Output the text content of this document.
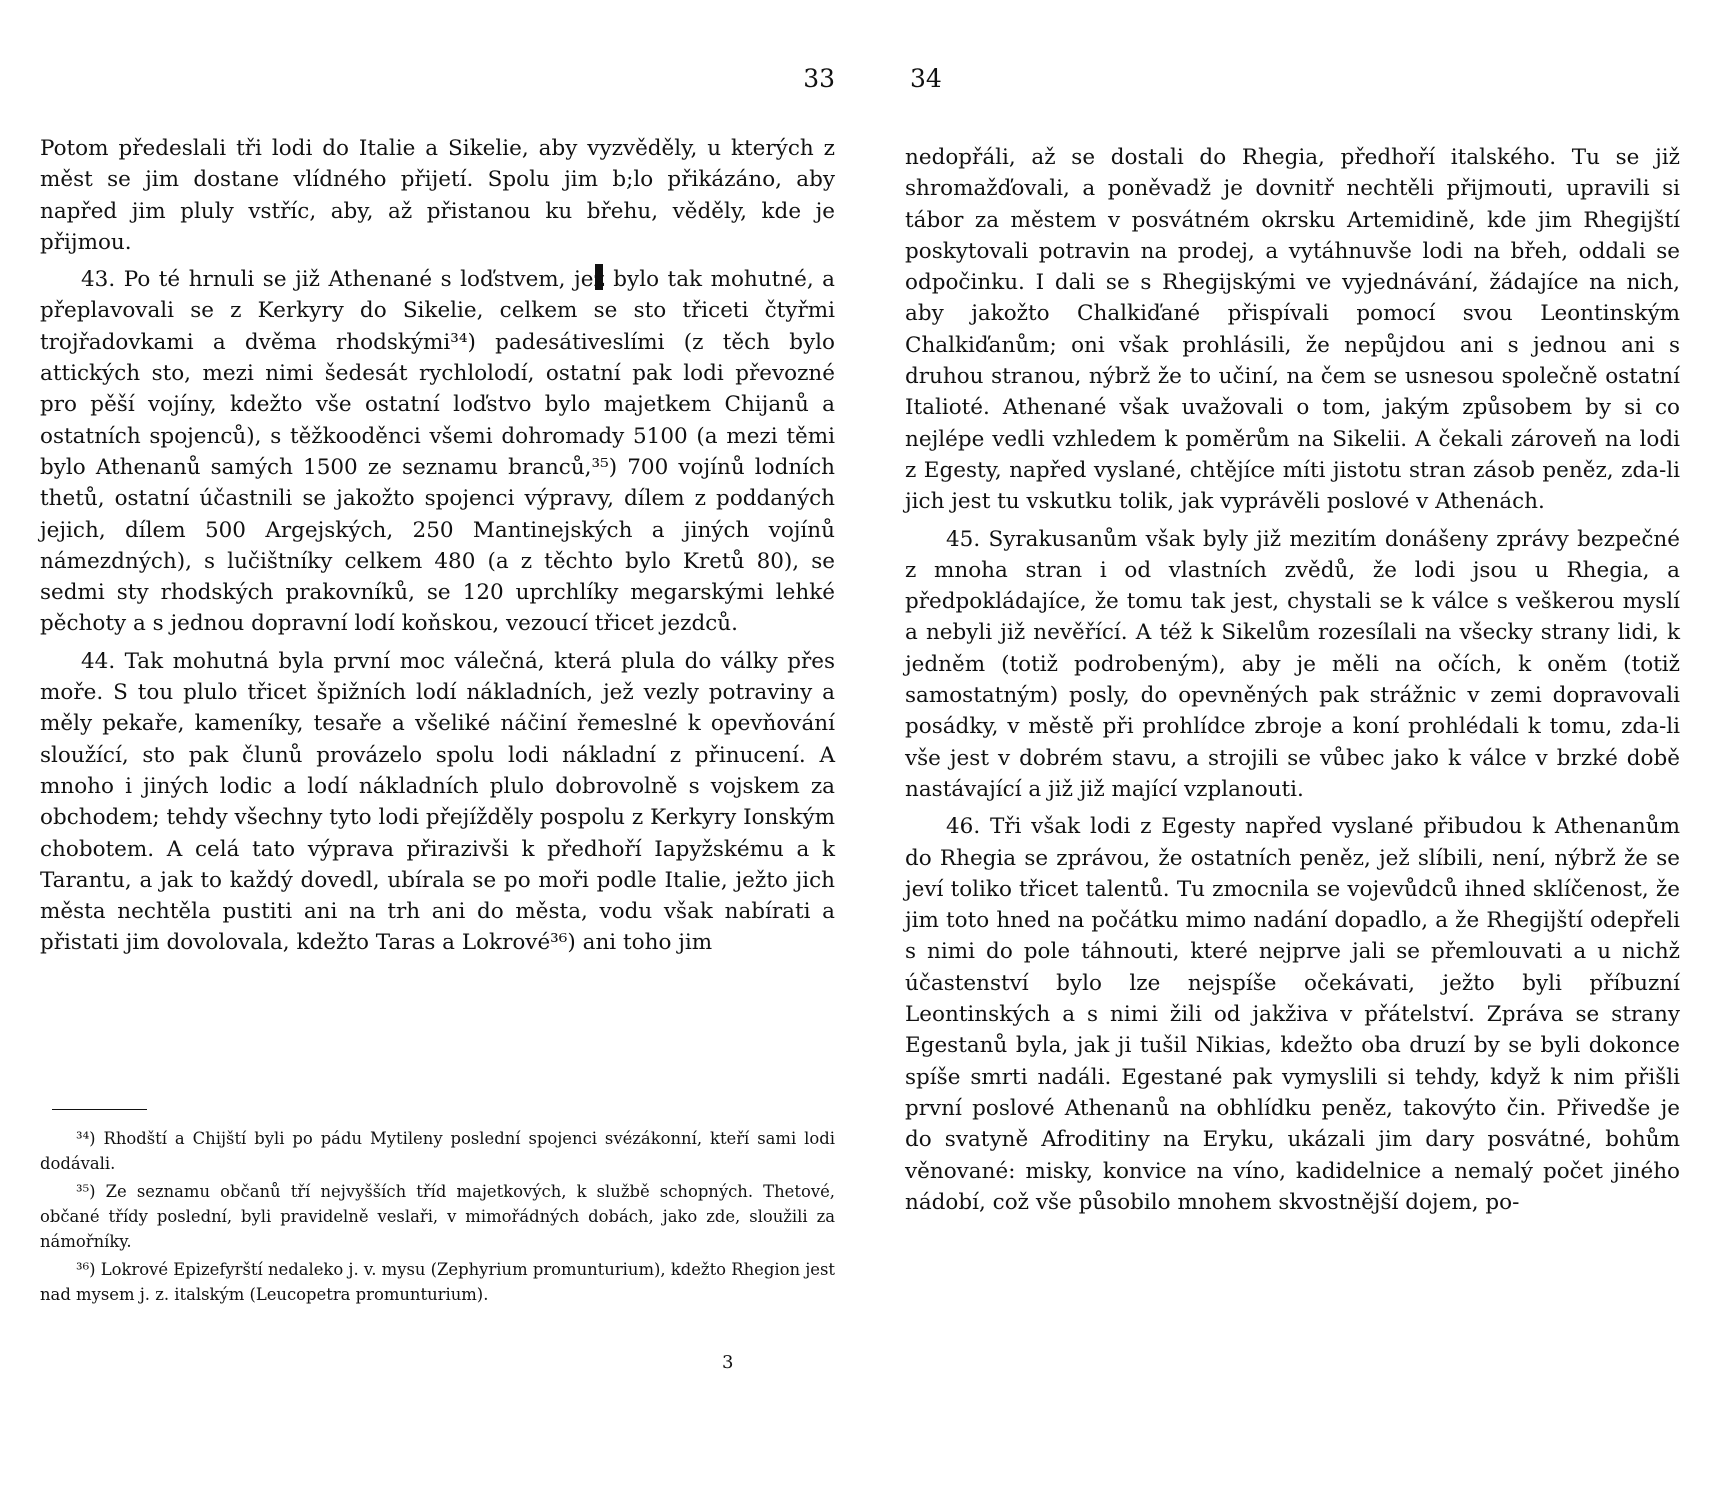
33

Potom předeslali tři lodi do Italie a Sikelie, aby vyzvěděly, u kterých z měst se jim dostane vlídného přijetí. Spolu jim b;lo přikázáno, aby napřed jim pluly vstříc, aby, až přistanou ku břehu, věděly, kde je přijmou.

43. Po té hrnuli se již Athenané s loďstvem, jež bylo tak mohutné, a přeplavovali se z Kerkyry do Sikelie, celkem se sto třiceti čtyřmi trojřadovkami a dvěma rhodskými³⁴) padesátiveslími (z těch bylo attických sto, mezi nimi šedesát rychlolodí, ostatní pak lodi převozné pro pěší vojíny, kdežto vše ostatní loďstvo bylo majetkem Chijanů a ostatních spojenců), s těžkooděnci všemi dohromady 5100 (a mezi těmi bylo Athenanů samých 1500 ze seznamu branců,³⁵) 700 vojínů lodních thetů, ostatní účastnili se jakožto spojenci výpravy, dílem z poddaných jejich, dílem 500 Argejských, 250 Mantinejských a jiných vojínů námezdných), s lučištníky celkem 480 (a z těchto bylo Kretů 80), se sedmi sty rhodských prakovníků, se 120 uprchlíky megarskými lehké pěchoty a s jednou dopravní lodí koňskou, vezoucí třicet jezdců.

44. Tak mohutná byla první moc válečná, která plula do války přes moře. S tou plulo třicet špižních lodí nákladních, jež vezly potraviny a měly pekaře, kameníky, tesaře a všeliké náčiní řemeslné k opevňování sloužící, sto pak člunů provázelo spolu lodi nákladní z přinucení. A mnoho i jiných lodic a lodí nákladních plulo dobrovolně s vojskem za obchodem; tehdy všechny tyto lodi přejížděly pospolu z Kerkyry Ionským chobotem. A celá tato výprava přirazivši k předhoří Iapyžskému a k Tarantu, a jak to každý dovedl, ubírala se po moři podle Italie, ježto jich města nechtěla pustiti ani na trh ani do města, vodu však nabírati a přistati jim dovolovala, kdežto Taras a Lokrové³⁶) ani toho jim

³⁴) Rhodští a Chijští byli po pádu Mytileny poslední spojenci svézákonní, kteří sami lodi dodávali.

³⁵) Ze seznamu občanů tří nejvyšších tříd majetkových, k službě schopných. Thetové, občané třídy poslední, byli pravidelně veslaři, v mimořádných dobách, jako zde, sloužili za námořníky.

³⁶) Lokrové Epizefyrští nedaleko j. v. mysu (Zephyrium promunturium), kdežto Rhegion jest nad mysem j. z. italským (Leucopetra promunturium).

3
34

nedopřáli, až se dostali do Rhegia, předhoří italského. Tu se již shromažďovali, a poněvadž je dovnitř nechtěli přijmouti, upravili si tábor za městem v posvátném okrsku Artemidině, kde jim Rhegijští poskytovali potravin na prodej, a vytáhnuvše lodi na břeh, oddali se odpočinku. I dali se s Rhegijskými ve vyjednávání, žádajíce na nich, aby jakožto Chalkiďané přispívali pomocí svou Leontinským Chalkiďanům; oni však prohlásili, že nepůjdou ani s jednou ani s druhou stranou, nýbrž že to učiní, na čem se usnesou společně ostatní Italioté. Athenané však uvažovali o tom, jakým způsobem by si co nejlépe vedli vzhledem k poměrům na Sikelii. A čekali zároveň na lodi z Egesty, napřed vyslané, chtějíce míti jistotu stran zásob peněz, zda-li jich jest tu vskutku tolik, jak vyprávěli poslové v Athenách.

45. Syrakusanům však byly již mezitím donášeny zprávy bezpečné z mnoha stran i od vlastních zvědů, že lodi jsou u Rhegia, a předpokládajíce, že tomu tak jest, chystali se k válce s veškerou myslí a nebyli již nevěřící. A též k Sikelům rozesílali na všecky strany lidi, k jedněm (totiž podrobeným), aby je měli na očích, k oněm (totiž samostatným) posly, do opevněných pak strážnic v zemi dopravovali posádky, v městě při prohlídce zbroje a koní prohlédali k tomu, zda-li vše jest v dobrém stavu, a strojili se vůbec jako k válce v brzké době nastávající a již již mající vzplanouti.

46. Tři však lodi z Egesty napřed vyslané přibudou k Athenanům do Rhegia se zprávou, že ostatních peněz, jež slíbili, není, nýbrž že se jeví toliko třicet talentů. Tu zmocnila se vojevůdců ihned sklíčenost, že jim toto hned na počátku mimo nadání dopadlo, a že Rhegijští odepřeli s nimi do pole táhnouti, které nejprve jali se přemlouvati a u nichž účastenství bylo lze nejspíše očekávati, ježto byli příbuzní Leontinských a s nimi žili od jakživa v přátelství. Zpráva se strany Egestanů byla, jak ji tušil Nikias, kdežto oba druzí by se byli dokonce spíše smrti nadáli. Egestané pak vymyslili si tehdy, když k nim přišli první poslové Athenanů na obhlídku peněz, takovýto čin. Přivedše je do svatyně Afroditiny na Eryku, ukázali jim dary posvátné, bohům věnované: misky, konvice na víno, kadidelnice a nemalý počet jiného nádobí, což vše působilo mnohem skvostnější dojem, po-
